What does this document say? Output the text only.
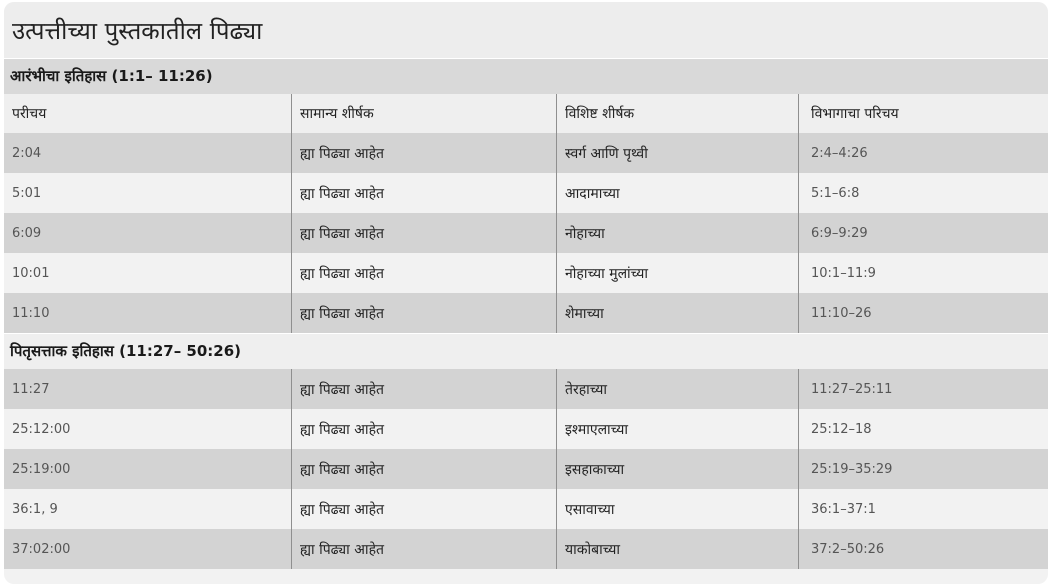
उत्पत्तीच्या पुस्तकातील पिढ्या
आरंभीचा इतिहास (1:1– 11:26)
परीचय	सामान्य शीर्षक	विशिष्ट शीर्षक	विभागाचा परिचय
2:04	ह्या पिढ्या आहेत	स्वर्ग आणि पृथ्वी	2:4–4:26
5:01	ह्या पिढ्या आहेत	आदामाच्या	5:1–6:8
6:09	ह्या पिढ्या आहेत	नोहाच्या	6:9–9:29
10:01	ह्या पिढ्या आहेत	नोहाच्या मुलांच्या	10:1–11:9
11:10	ह्या पिढ्या आहेत	शेमाच्या	11:10–26
पितृसत्ताक इतिहास (11:27– 50:26)
11:27	ह्या पिढ्या आहेत	तेरहाच्या	11:27–25:11
25:12:00	ह्या पिढ्या आहेत	इश्माएलाच्या	25:12–18
25:19:00	ह्या पिढ्या आहेत	इसहाकाच्या	25:19–35:29
36:1, 9	ह्या पिढ्या आहेत	एसावाच्या	36:1–37:1
37:02:00	ह्या पिढ्या आहेत	याकोबाच्या	37:2–50:26
